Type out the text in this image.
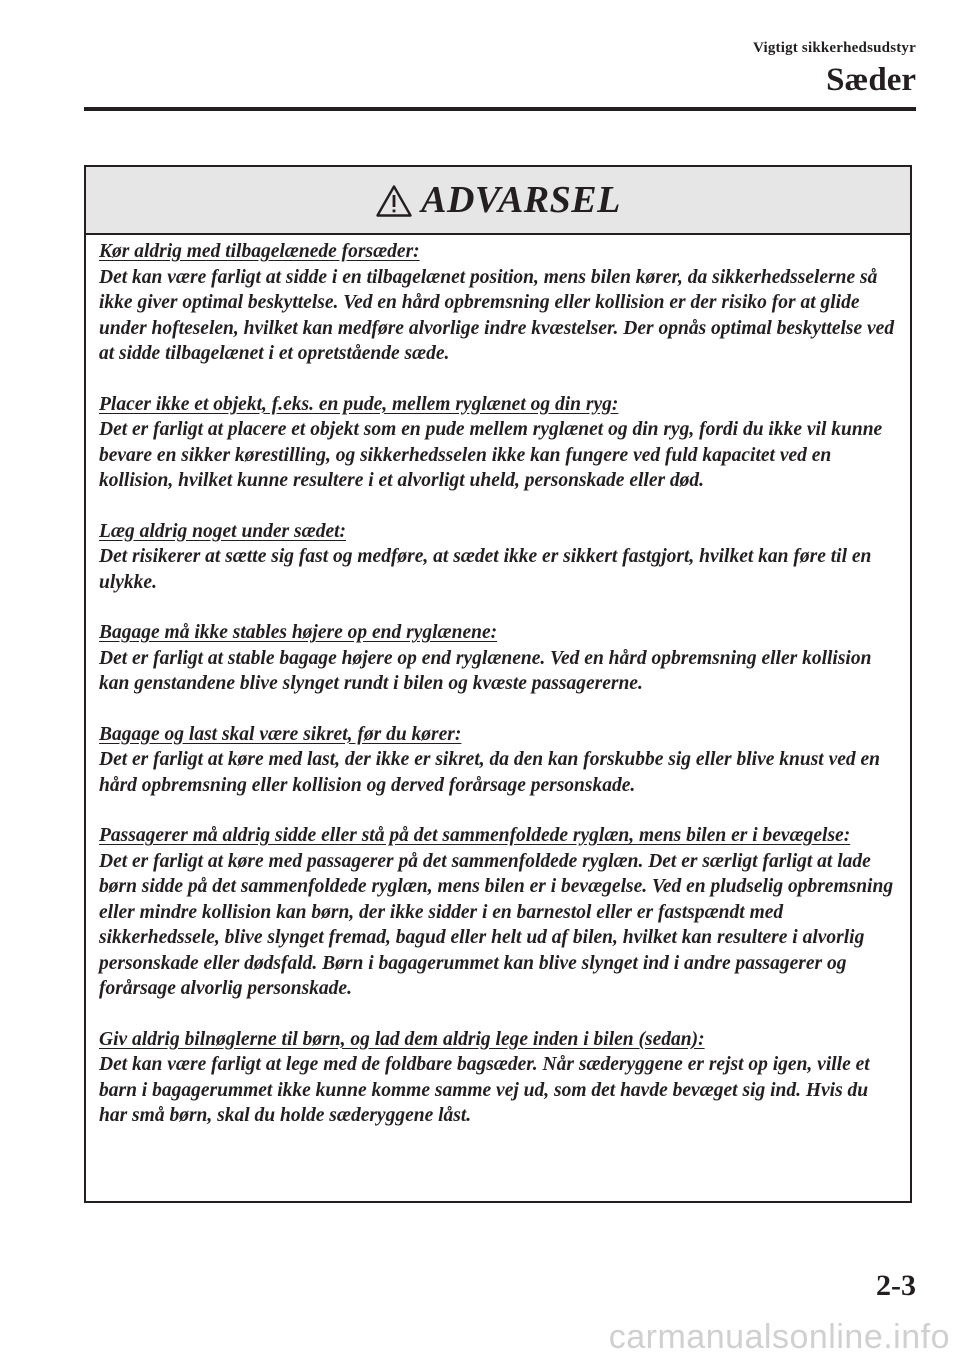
Vigtigt sikkerhedsudstyr
Sæder
ADVARSEL
Kør aldrig med tilbagelænede forsæder:
Det kan være farligt at sidde i en tilbagelænet position, mens bilen kører, da sikkerhedsselerne så ikke giver optimal beskyttelse. Ved en hård opbremsning eller kollision er der risiko for at glide under hofteselen, hvilket kan medføre alvorlige indre kvæstelser. Der opnås optimal beskyttelse ved at sidde tilbagelænet i et opretstående sæde.
Placer ikke et objekt, f.eks. en pude, mellem ryglænet og din ryg:
Det er farligt at placere et objekt som en pude mellem ryglænet og din ryg, fordi du ikke vil kunne bevare en sikker kørestilling, og sikkerhedsselen ikke kan fungere ved fuld kapacitet ved en kollision, hvilket kunne resultere i et alvorligt uheld, personskade eller død.
Læg aldrig noget under sædet:
Det risikerer at sætte sig fast og medføre, at sædet ikke er sikkert fastgjort, hvilket kan føre til en ulykke.
Bagage må ikke stables højere op end ryglænene:
Det er farligt at stable bagage højere op end ryglænene. Ved en hård opbremsning eller kollision kan genstandene blive slynget rundt i bilen og kvæste passagererne.
Bagage og last skal være sikret, før du kører:
Det er farligt at køre med last, der ikke er sikret, da den kan forskubbe sig eller blive knust ved en hård opbremsning eller kollision og derved forårsage personskade.
Passagerer må aldrig sidde eller stå på det sammenfoldede ryglæn, mens bilen er i bevægelse:
Det er farligt at køre med passagerer på det sammenfoldede ryglæn. Det er særligt farligt at lade børn sidde på det sammenfoldede ryglæn, mens bilen er i bevægelse. Ved en pludselig opbremsning eller mindre kollision kan børn, der ikke sidder i en barnestol eller er fastspændt med sikkerhedssele, blive slynget fremad, bagud eller helt ud af bilen, hvilket kan resultere i alvorlig personskade eller dødsfald. Børn i bagagerummet kan blive slynget ind i andre passagerer og forårsage alvorlig personskade.
Giv aldrig bilnøglerne til børn, og lad dem aldrig lege inden i bilen (sedan):
Det kan være farligt at lege med de foldbare bagsæder. Når sæderyggene er rejst op igen, ville et barn i bagagerummet ikke kunne komme samme vej ud, som det havde bevæget sig ind. Hvis du har små børn, skal du holde sæderyggene låst.
2-3
carmanualsonline.info
